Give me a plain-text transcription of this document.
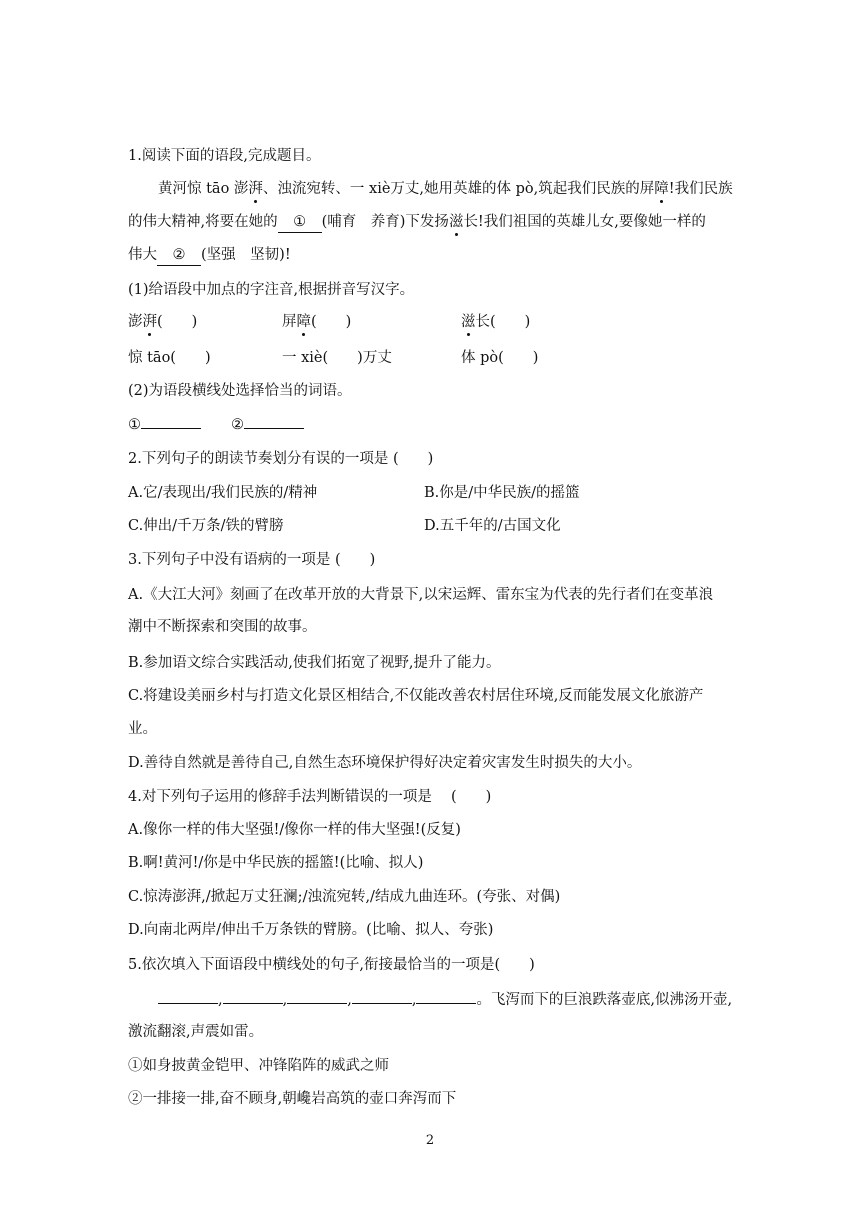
1.阅读下面的语段,完成题目。
黄河惊 tāo 澎湃、浊流宛转、一 xiè万丈,她用英雄的体 pò,筑起我们民族的屏障!我们民族
的伟大精神,将要在她的 ① (哺育　养育)下发扬滋长!我们祖国的英雄儿女,要像她一样的
伟大 ② (坚强　坚韧)!
(1)给语段中加点的字注音,根据拼音写汉字。
澎湃(　　)	屏障(　　)	滋长(　　)
惊 tāo(　　)	一 xiè(　　)万丈	体 pò(　　)
(2)为语段横线处选择恰当的词语。
①	②
2.下列句子的朗读节奏划分有误的一项是 (　　)
A.它/表现出/我们民族的/精神	B.你是/中华民族/的摇篮
C.伸出/千万条/铁的臂膀	D.五千年的/古国文化
3.下列句子中没有语病的一项是 (　　)
A.《大江大河》刻画了在改革开放的大背景下,以宋运辉、雷东宝为代表的先行者们在变革浪
潮中不断探索和突围的故事。
B.参加语文综合实践活动,使我们拓宽了视野,提升了能力。
C.将建设美丽乡村与打造文化景区相结合,不仅能改善农村居住环境,反而能发展文化旅游产
业。
D.善待自然就是善待自己,自然生态环境保护得好决定着灾害发生时损失的大小。
4.对下列句子运用的修辞手法判断错误的一项是　 (　　)
A.像你一样的伟大坚强!/像你一样的伟大坚强!(反复)
B.啊!黄河!/你是中华民族的摇篮!(比喻、拟人)
C.惊涛澎湃,/掀起万丈狂澜;/浊流宛转,/结成九曲连环。(夸张、对偶)
D.向南北两岸/伸出千万条铁的臂膀。(比喻、拟人、夸张)
5.依次填入下面语段中横线处的句子,衔接最恰当的一项是(　　)
,	,	,	,	。飞泻而下的巨浪跌落壶底,似沸汤开壶,
激流翻滚,声震如雷。
①如身披黄金铠甲、冲锋陷阵的威武之师
②一排接一排,奋不顾身,朝巉岩高筑的壶口奔泻而下
2
